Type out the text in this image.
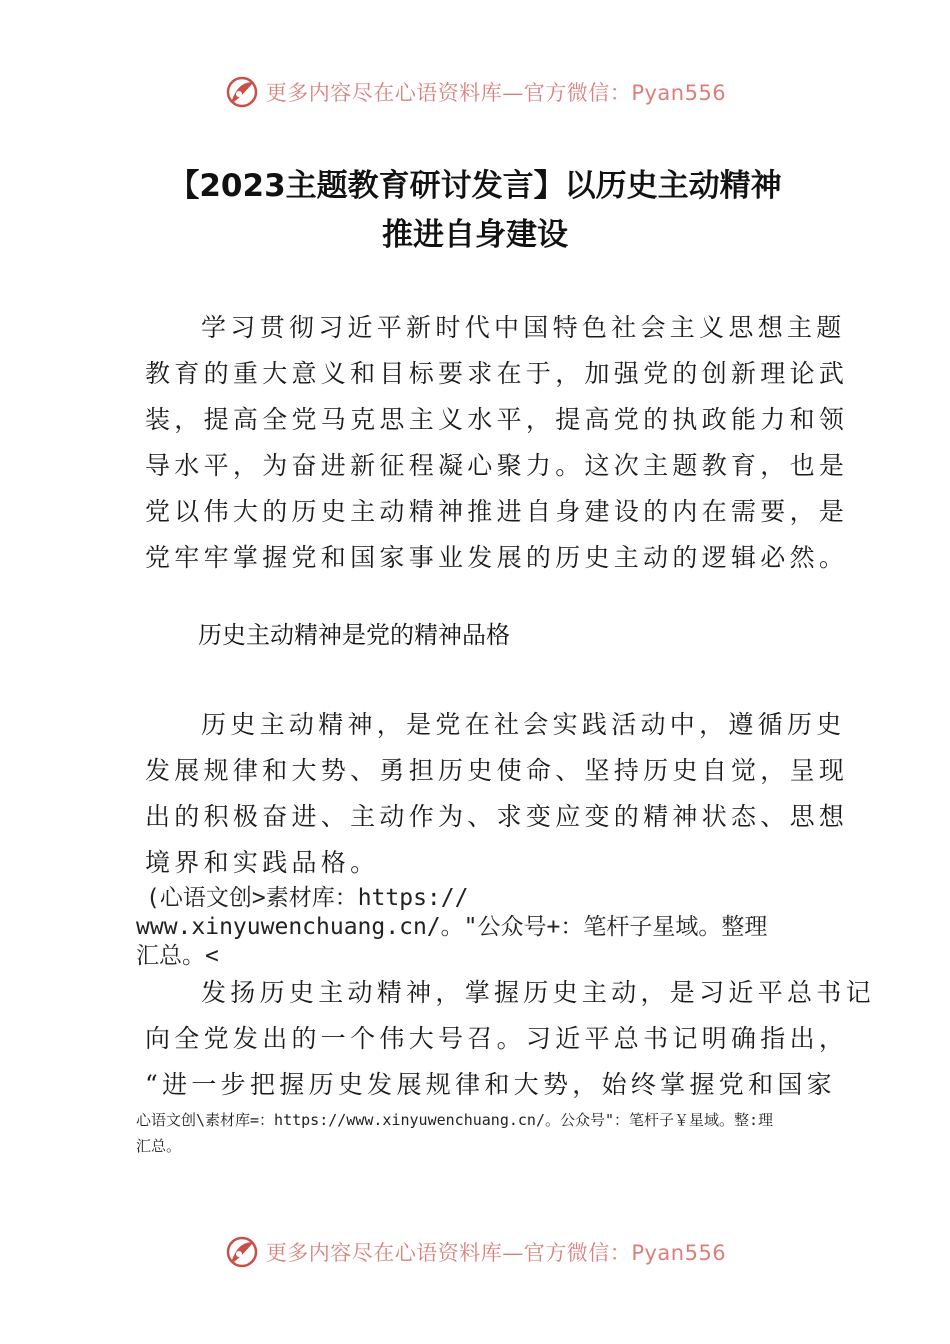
更多内容尽在心语资料库—官方微信：Pyan556
【2023主题教育研讨发言】以历史主动精神
推进自身建设

学习贯彻习近平新时代中国特色社会主义思想主题
教育的重大意义和目标要求在于，加强党的创新理论武
装，提高全党马克思主义水平，提高党的执政能力和领
导水平，为奋进新征程凝心聚力。这次主题教育，也是
党以伟大的历史主动精神推进自身建设的内在需要，是
党牢牢掌握党和国家事业发展的历史主动的逻辑必然。

历史主动精神是党的精神品格

历史主动精神，是党在社会实践活动中，遵循历史
发展规律和大势、勇担历史使命、坚持历史自觉，呈现
出的积极奋进、主动作为、求变应变的精神状态、思想
境界和实践品格。

(心语文创>素材库：https://
www.xinyuwenchuang.cn/。"公众号+：笔杆子星域。整理
汇总。<

发扬历史主动精神，掌握历史主动，是习近平总书记
向全党发出的一个伟大号召。习近平总书记明确指出，
“进一步把握历史发展规律和大势，始终掌握党和国家

心语文创\素材库=：https://www.xinyuwenchuang.cn/。公众号"：笔杆子￥星域。整:理
汇总。
更多内容尽在心语资料库—官方微信：Pyan556
